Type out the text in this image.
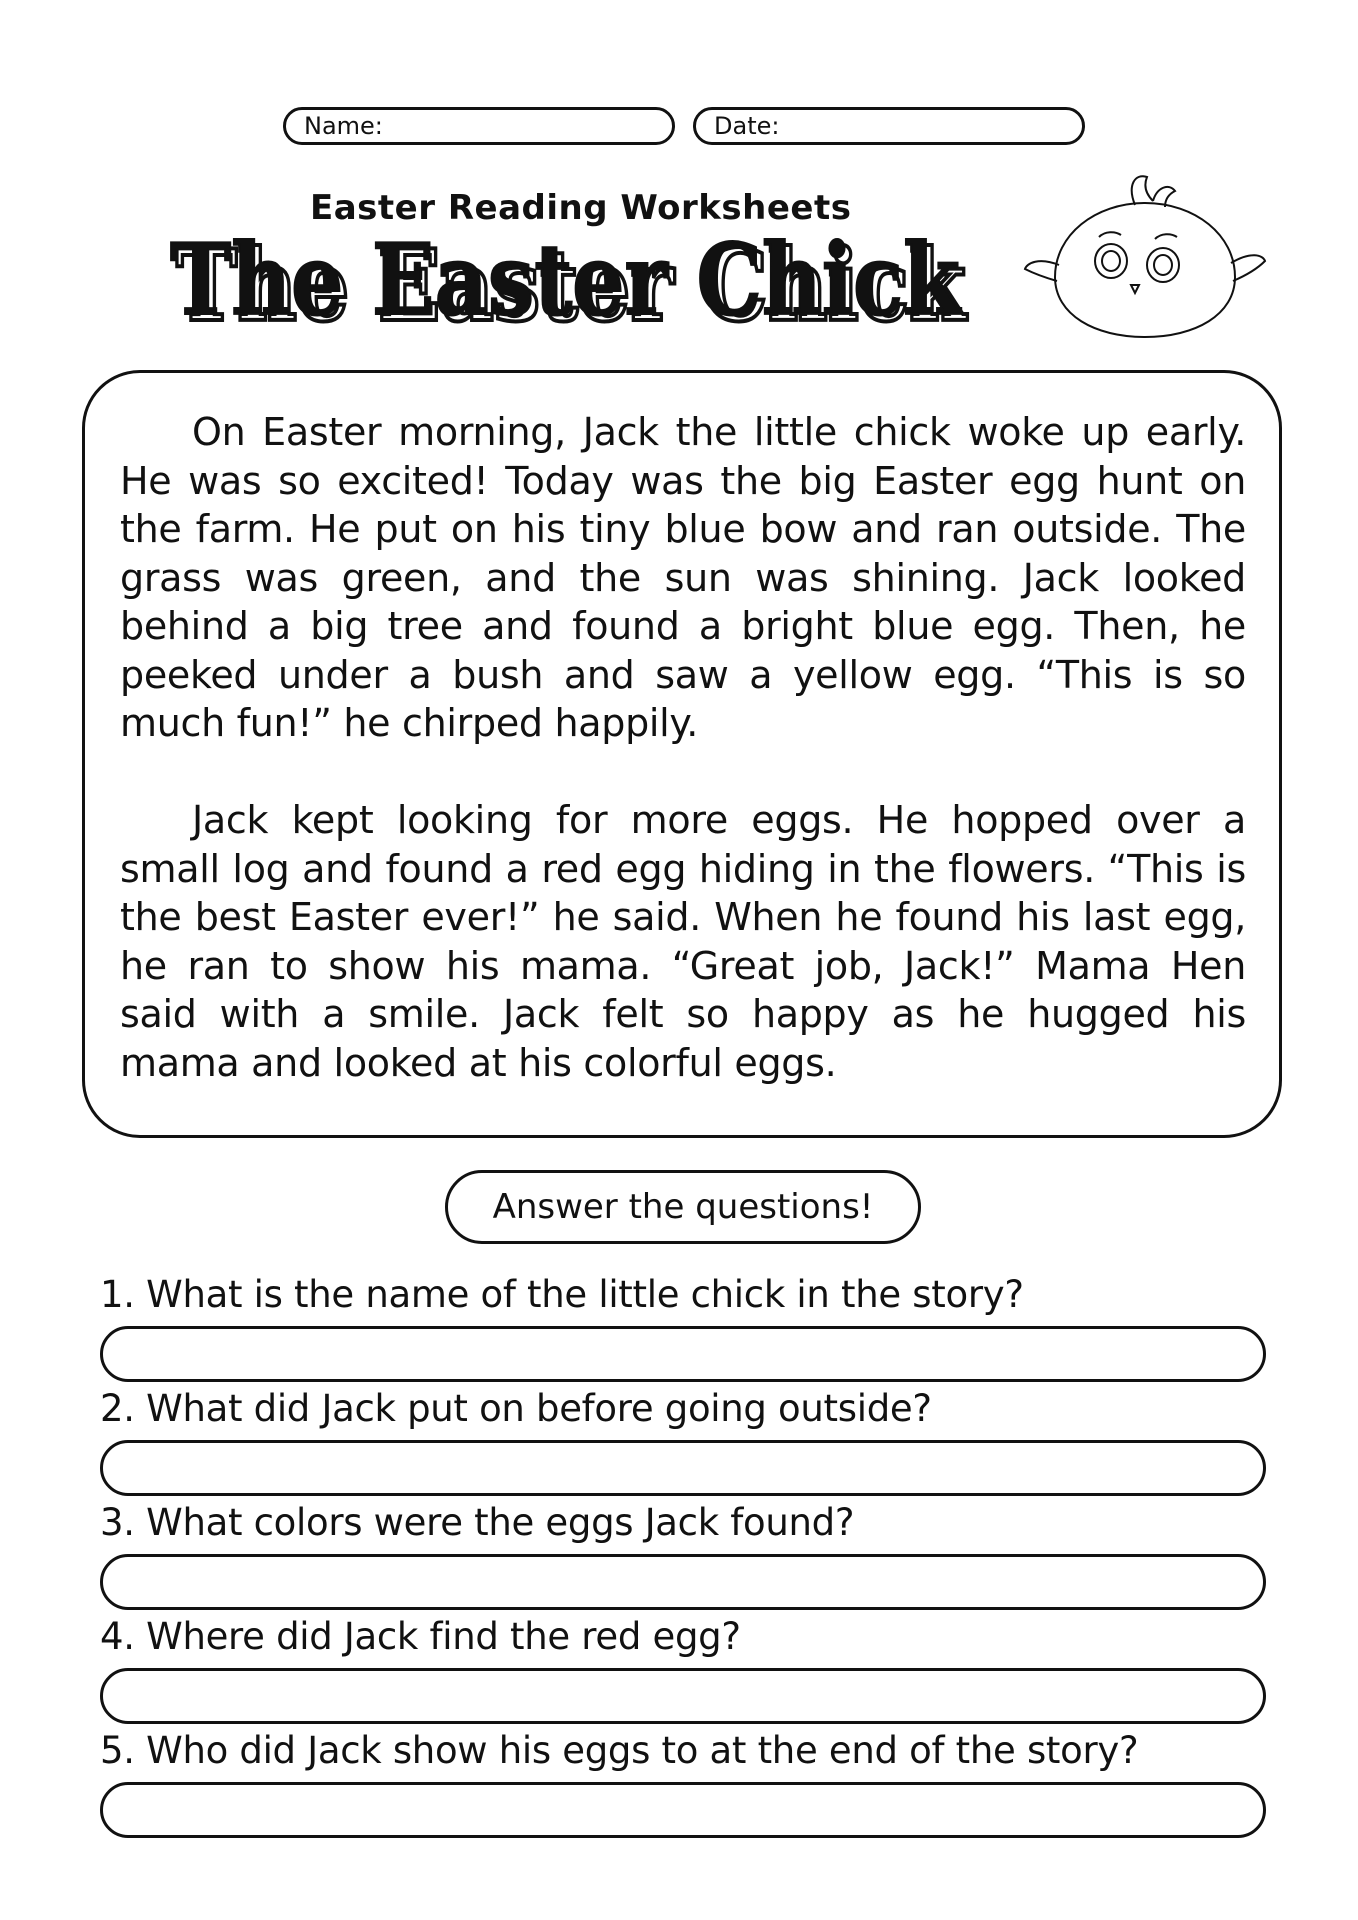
Name:	Date:
Easter Reading Worksheets
The Easter Chick
The Easter Chick

On Easter morning, Jack the little chick woke up early. He was so excited! Today was the big Easter egg hunt on the farm. He put on his tiny blue bow and ran outside. The grass was green, and the sun was shining. Jack looked behind a big tree and found a bright blue egg. Then, he peeked under a bush and saw a yellow egg. “This is so much fun!” he chirped happily.

Jack kept looking for more eggs. He hopped over a small log and found a red egg hiding in the flowers. “This is the best Easter ever!” he said. When he found his last egg, he ran to show his mama. “Great job, Jack!” Mama Hen said with a smile. Jack felt so happy as he hugged his mama and looked at his colorful eggs.

Answer the questions!
1. What is the name of the little chick in the story?
2. What did Jack put on before going outside?
3. What colors were the eggs Jack found?
4. Where did Jack find the red egg?
5. Who did Jack show his eggs to at the end of the story?
